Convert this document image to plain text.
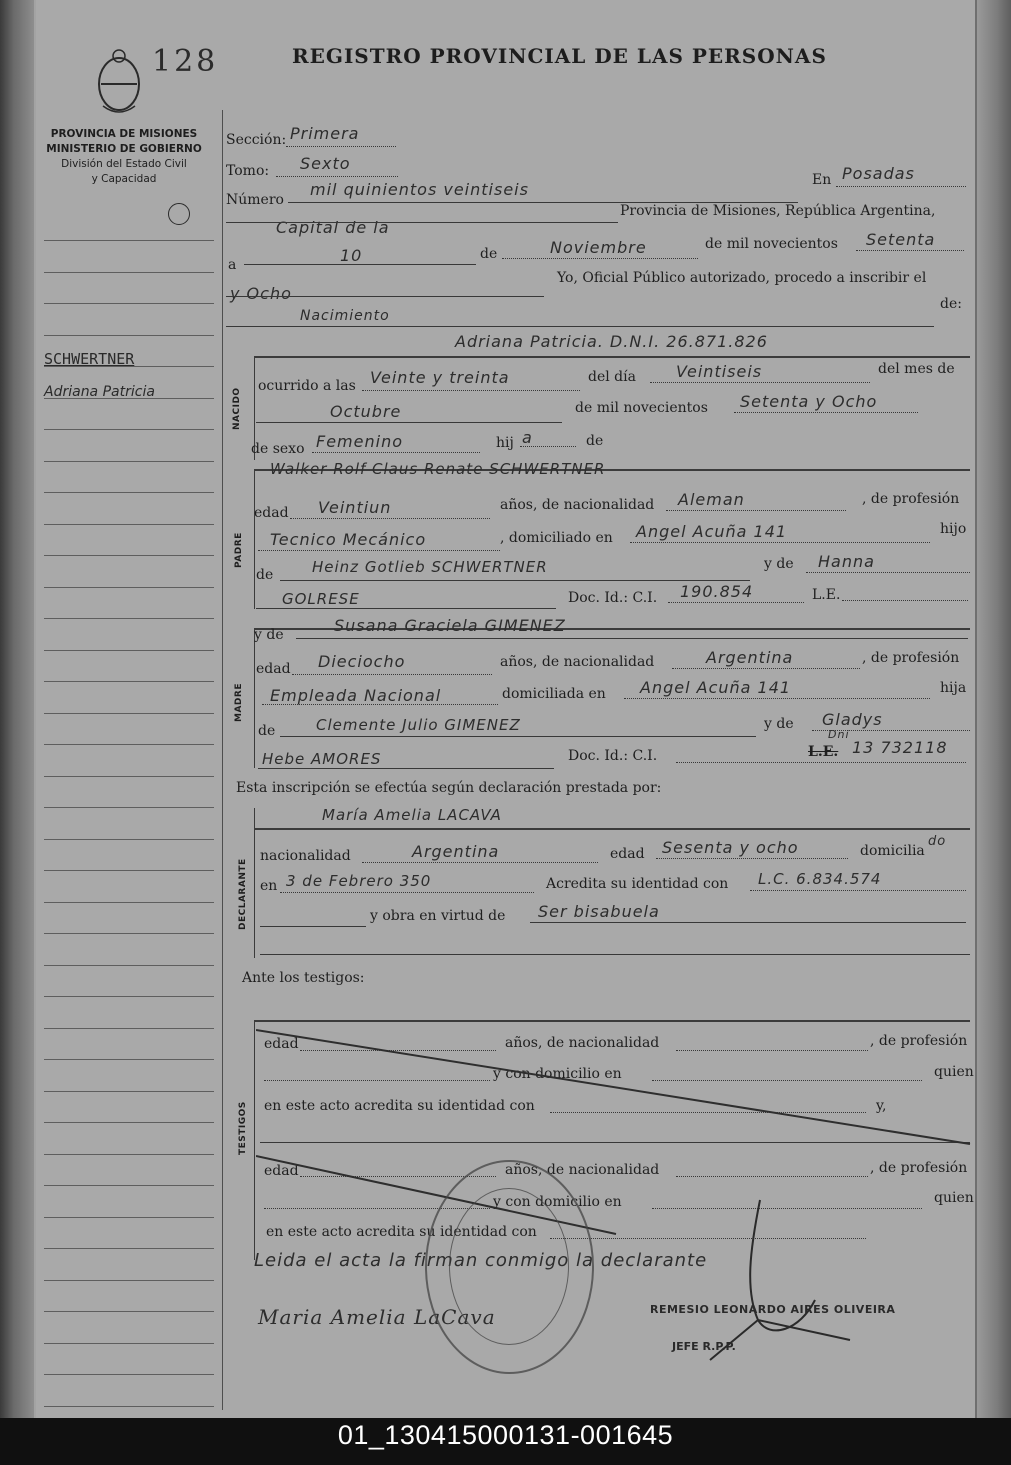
128	REGISTRO PROVINCIAL DE LAS PERSONAS
PROVINCIA DE MISIONES
MINISTERIO DE GOBIERNO
División del Estado Civil
y Capacidad
SCHWERTNER
Adriana Patricia
Sección: Primera
Tomo: Sexto
Número
mil quinientos veintiseis	En Posadas
Capital de la
Provincia de Misiones, República Argentina,
a	10	de	Noviembre	de mil novecientos Setenta
y Ocho
Yo, Oficial Público autorizado, procedo a inscribir el
Nacimiento
de:
NACIDO
Adriana Patricia. D.N.I. 26.871.826
ocurrido a las Veinte y treinta	del día	Veintiseis	del mes de
Octubre	de mil novecientos Setenta y Ocho
de sexo Femenino	hij a	de
PADRE
Walker Rolf Claus Renate SCHWERTNER
edad Veintiun	años, de nacionalidad Aleman	, de profesión
Tecnico Mecánico	, domiciliado en Angel Acuña 141	hijo
de	Heinz Gotlieb SCHWERTNER	y de Hanna
GOLRESE	Doc. Id.: C.I. 190.854	L.E.
MADRE
y de	Susana Graciela GIMENEZ
edad Dieciocho	años, de nacionalidad	Argentina	, de profesión
Empleada Nacional	domiciliada en Angel Acuña 141	hija
de	Clemente Julio GIMENEZ	y de Gladys
Hebe AMORES	Doc. Id.: C.I.
Dni
L.E. 13 732118
Esta inscripción se efectúa según declaración prestada por:
DECLARANTE
María Amelia LACAVA
nacionalidad	Argentina	edad Sesenta y ocho	domicilia
do
en 3 de Febrero 350	Acredita su identidad con L.C. 6.834.574
y obra en virtud de Ser bisabuela
Ante los testigos:
TESTIGOS
edad	años, de nacionalidad	, de profesión
y con domicilio en	quien
en este acto acredita su identidad con	y,
edad	años, de nacionalidad	, de profesión
y con domicilio en	quien
en este acto acredita su identidad con
Leida el acta la firman conmigo la declarante
Maria Amelia LaCava	REMESIO LEONARDO AIRES OLIVEIRA
JEFE R.P.P.
01_130415000131-001645
